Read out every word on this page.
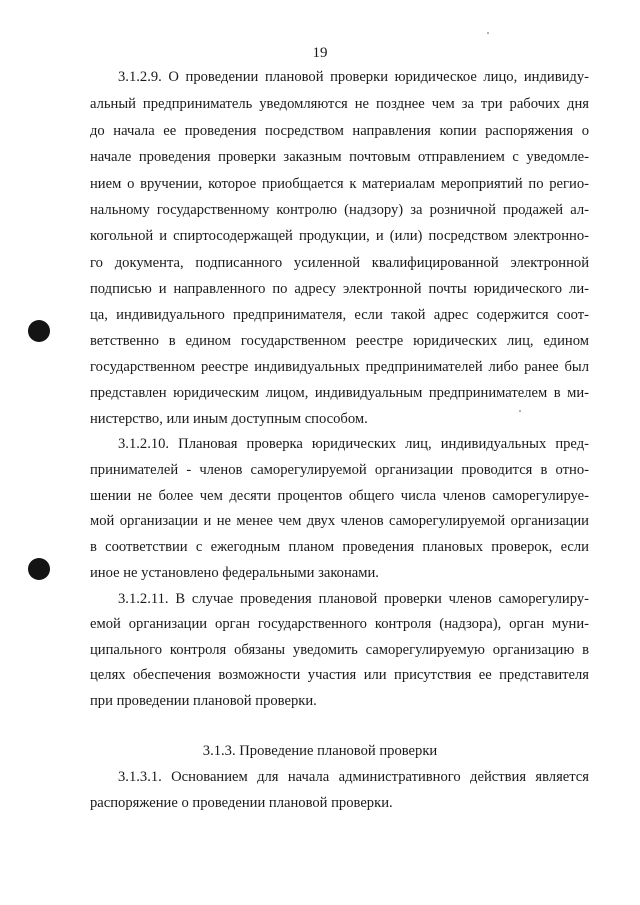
19
3.1.2.9. О проведении плановой проверки юридическое лицо, индивиду-
альный предприниматель уведомляются не позднее чем за три рабочих дня
до начала ее проведения посредством направления копии распоряжения о
начале проведения проверки заказным почтовым отправлением с уведомле-
нием о вручении, которое приобщается к материалам мероприятий по регио-
нальному государственному контролю (надзору) за розничной продажей ал-
когольной и спиртосодержащей продукции, и (или) посредством электронно-
го документа, подписанного усиленной квалифицированной электронной
подписью и направленного по адресу электронной почты юридического ли-
ца, индивидуального предпринимателя, если такой адрес содержится соот-
ветственно в едином государственном реестре юридических лиц, едином
государственном реестре индивидуальных предпринимателей либо ранее был
представлен юридическим лицом, индивидуальным предпринимателем в ми-
нистерство, или иным доступным способом.
3.1.2.10. Плановая проверка юридических лиц, индивидуальных пред-
принимателей - членов саморегулируемой организации проводится в отно-
шении не более чем десяти процентов общего числа членов саморегулируе-
мой организации и не менее чем двух членов саморегулируемой организации
в соответствии с ежегодным планом проведения плановых проверок, если
иное не установлено федеральными законами.
3.1.2.11. В случае проведения плановой проверки членов саморегулиру-
емой организации орган государственного контроля (надзора), орган муни-
ципального контроля обязаны уведомить саморегулируемую организацию в
целях обеспечения возможности участия или присутствия ее представителя
при проведении плановой проверки.
3.1.3. Проведение плановой проверки
3.1.3.1. Основанием для начала административного действия является
распоряжение о проведении плановой проверки.
